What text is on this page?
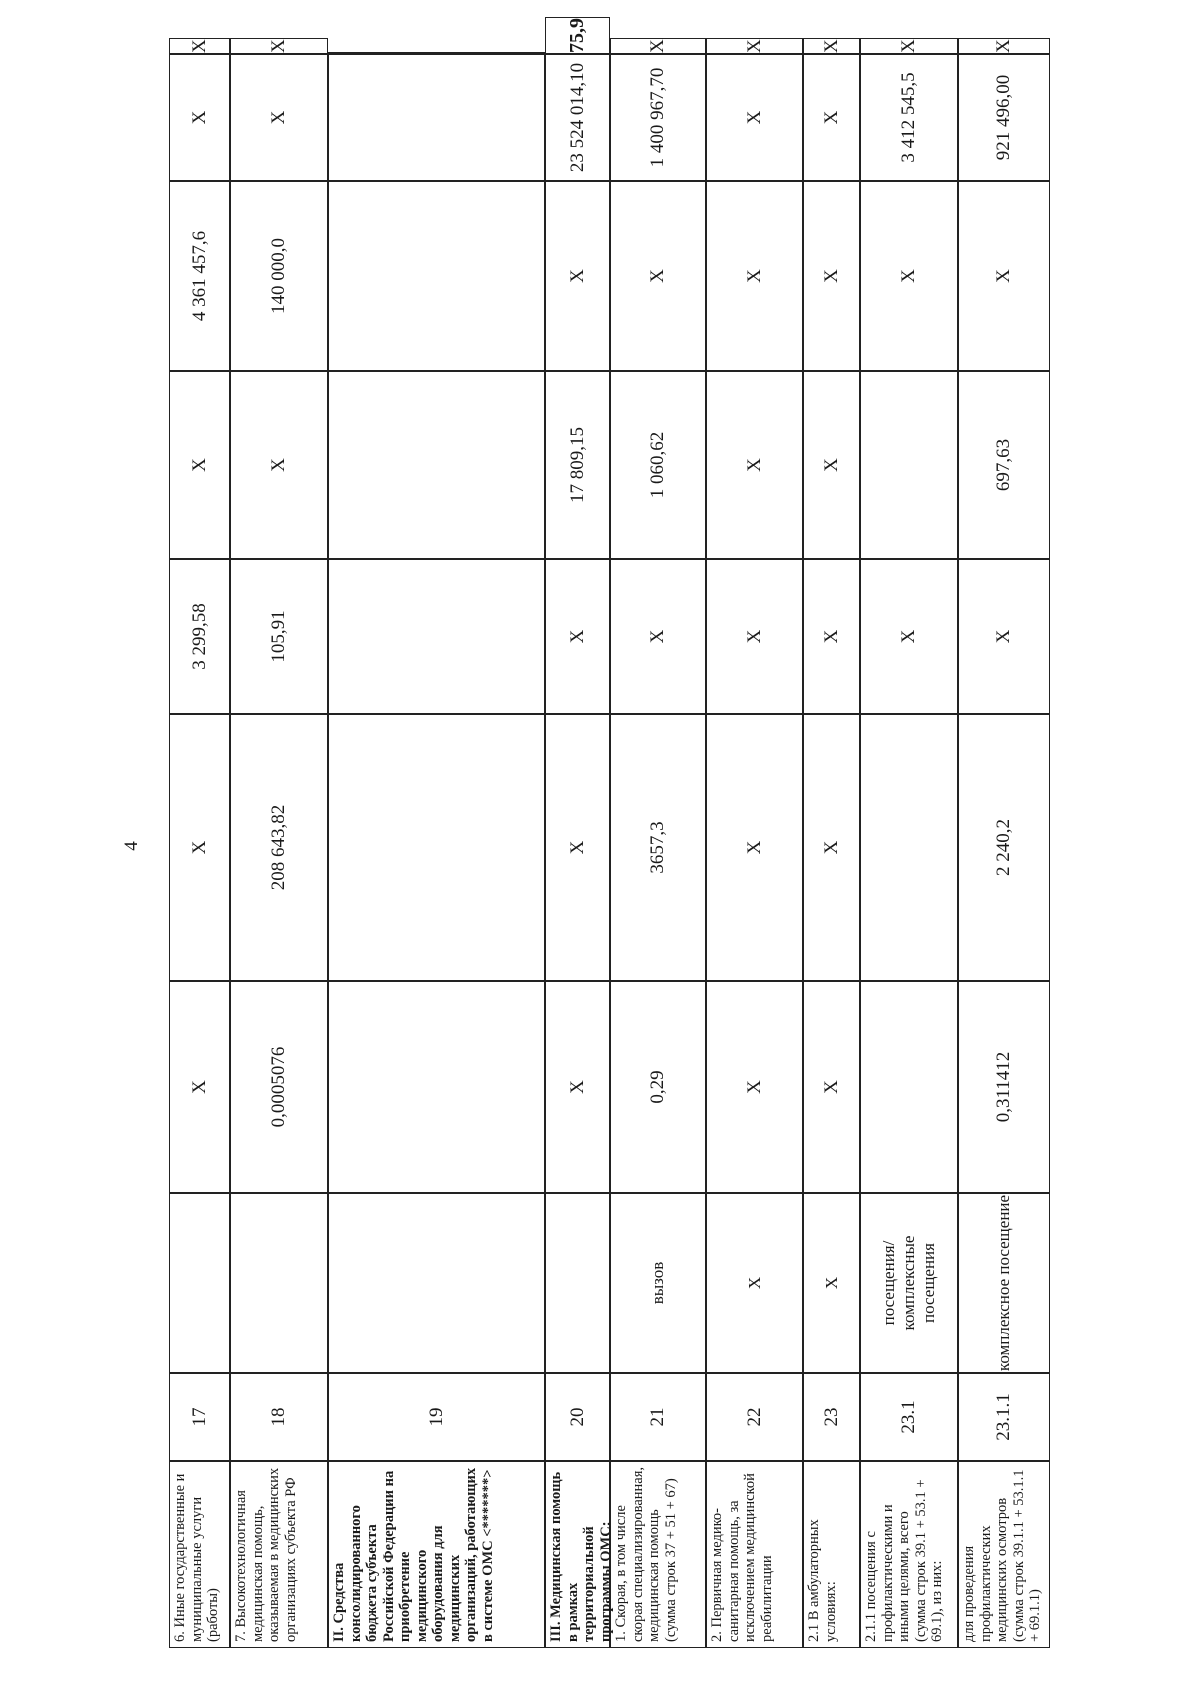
4
6. Иные государственные и муниципальные услуги (работы)
17
X
X
3 299,58
X
4 361 457,6
X
X
7. Высокотехнологичная медицинская помощь, оказываемая в медицинских организациях субъекта РФ
18
0,0005076
208 643,82
105,91
X
140 000,0
X
X
II. Средства консолидированного бюджета субъекта Российской Федерации на приобретение медицинского оборудования для медицинских организаций, работающих в системе ОМС <*******>
19
III. Медицинская помощь в рамках территориальной программы ОМС:
20
X
X
X
17 809,15
X
23 524 014,10
75,9
1. Скорая, в том числе скорая специализированная, медицинская помощь (сумма строк 37 + 51 + 67)
21
вызов
0,29
3657,3
X
1 060,62
X
1 400 967,70
X
2. Первичная медико-санитарная помощь, за исключением медицинской реабилитации
22
X
X
X
X
X
X
X
X
2.1 В амбулаторных условиях:
23
X
X
X
X
X
X
X
X
2.1.1 посещения с профилактическими и иными целями, всего (сумма строк 39.1 + 53.1 + 69.1), из них:
23.1
посещения/комплексные посещения
X
X
3 412 545,5
X
для проведения профилактических медицинских осмотров (сумма строк 39.1.1 + 53.1.1 + 69.1.1)
23.1.1
комплексное посещение
0,311412
2 240,2
X
697,63
X
921 496,00
X
